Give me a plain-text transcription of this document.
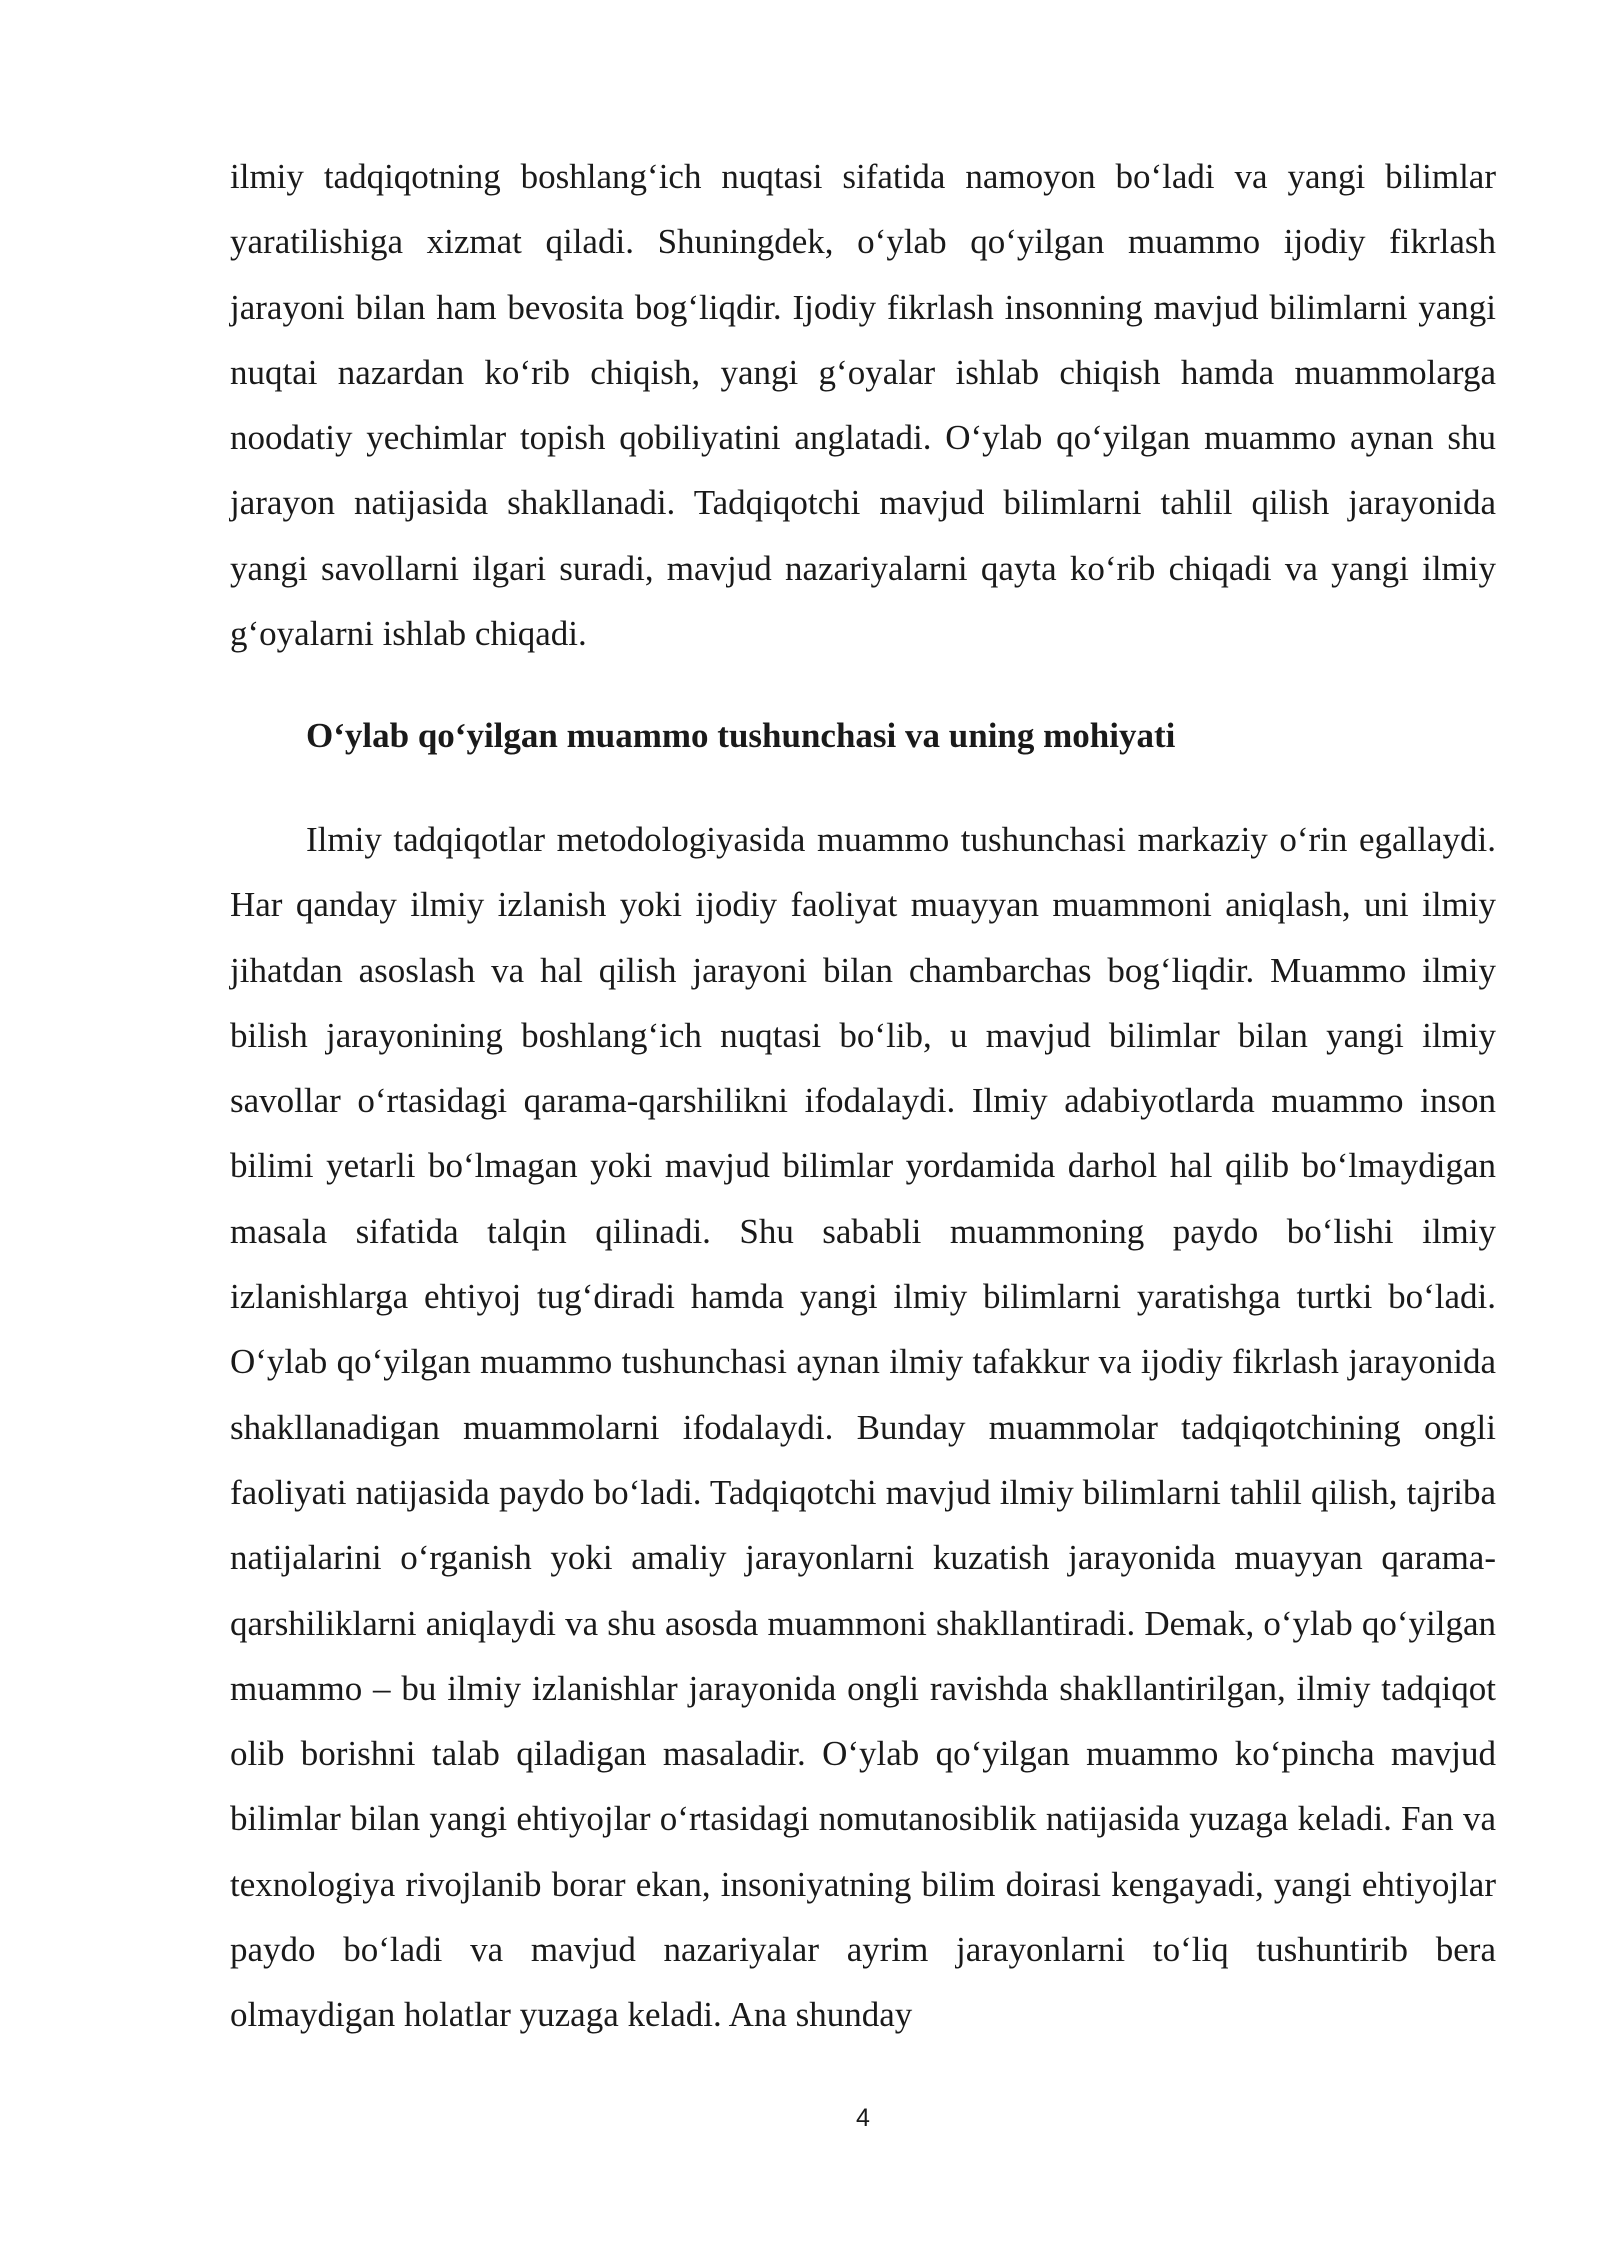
ilmiy tadqiqotning boshlang‘ich nuqtasi sifatida namoyon bo‘ladi va yangi bilimlar yaratilishiga xizmat qiladi. Shuningdek, o‘ylab qo‘yilgan muammo ijodiy fikrlash jarayoni bilan ham bevosita bog‘liqdir. Ijodiy fikrlash insonning mavjud bilimlarni yangi nuqtai nazardan ko‘rib chiqish, yangi g‘oyalar ishlab chiqish hamda muammolarga noodatiy yechimlar topish qobiliyatini anglatadi. O‘ylab qo‘yilgan muammo aynan shu jarayon natijasida shakllanadi. Tadqiqotchi mavjud bilimlarni tahlil qilish jarayonida yangi savollarni ilgari suradi, mavjud nazariyalarni qayta ko‘rib chiqadi va yangi ilmiy g‘oyalarni ishlab chiqadi.

O‘ylab qo‘yilgan muammo tushunchasi va uning mohiyati

Ilmiy tadqiqotlar metodologiyasida muammo tushunchasi markaziy o‘rin egallaydi. Har qanday ilmiy izlanish yoki ijodiy faoliyat muayyan muammoni aniqlash, uni ilmiy jihatdan asoslash va hal qilish jarayoni bilan chambarchas bog‘liqdir. Muammo ilmiy bilish jarayonining boshlang‘ich nuqtasi bo‘lib, u mavjud bilimlar bilan yangi ilmiy savollar o‘rtasidagi qarama-qarshilikni ifodalaydi. Ilmiy adabiyotlarda muammo inson bilimi yetarli bo‘lmagan yoki mavjud bilimlar yordamida darhol hal qilib bo‘lmaydigan masala sifatida talqin qilinadi. Shu sababli muammoning paydo bo‘lishi ilmiy izlanishlarga ehtiyoj tug‘diradi hamda yangi ilmiy bilimlarni yaratishga turtki bo‘ladi. O‘ylab qo‘yilgan muammo tushunchasi aynan ilmiy tafakkur va ijodiy fikrlash jarayonida shakllanadigan muammolarni ifodalaydi. Bunday muammolar tadqiqotchining ongli faoliyati natijasida paydo bo‘ladi. Tadqiqotchi mavjud ilmiy bilimlarni tahlil qilish, tajriba natijalarini o‘rganish yoki amaliy jarayonlarni kuzatish jarayonida muayyan qarama-qarshiliklarni aniqlaydi va shu asosda muammoni shakllantiradi. Demak, o‘ylab qo‘yilgan muammo – bu ilmiy izlanishlar jarayonida ongli ravishda shakllantirilgan, ilmiy tadqiqot olib borishni talab qiladigan masaladir. O‘ylab qo‘yilgan muammo ko‘pincha mavjud bilimlar bilan yangi ehtiyojlar o‘rtasidagi nomutanosiblik natijasida yuzaga keladi. Fan va texnologiya rivojlanib borar ekan, insoniyatning bilim doirasi kengayadi, yangi ehtiyojlar paydo bo‘ladi va mavjud nazariyalar ayrim jarayonlarni to‘liq tushuntirib bera olmaydigan holatlar yuzaga keladi. Ana shunday

4
